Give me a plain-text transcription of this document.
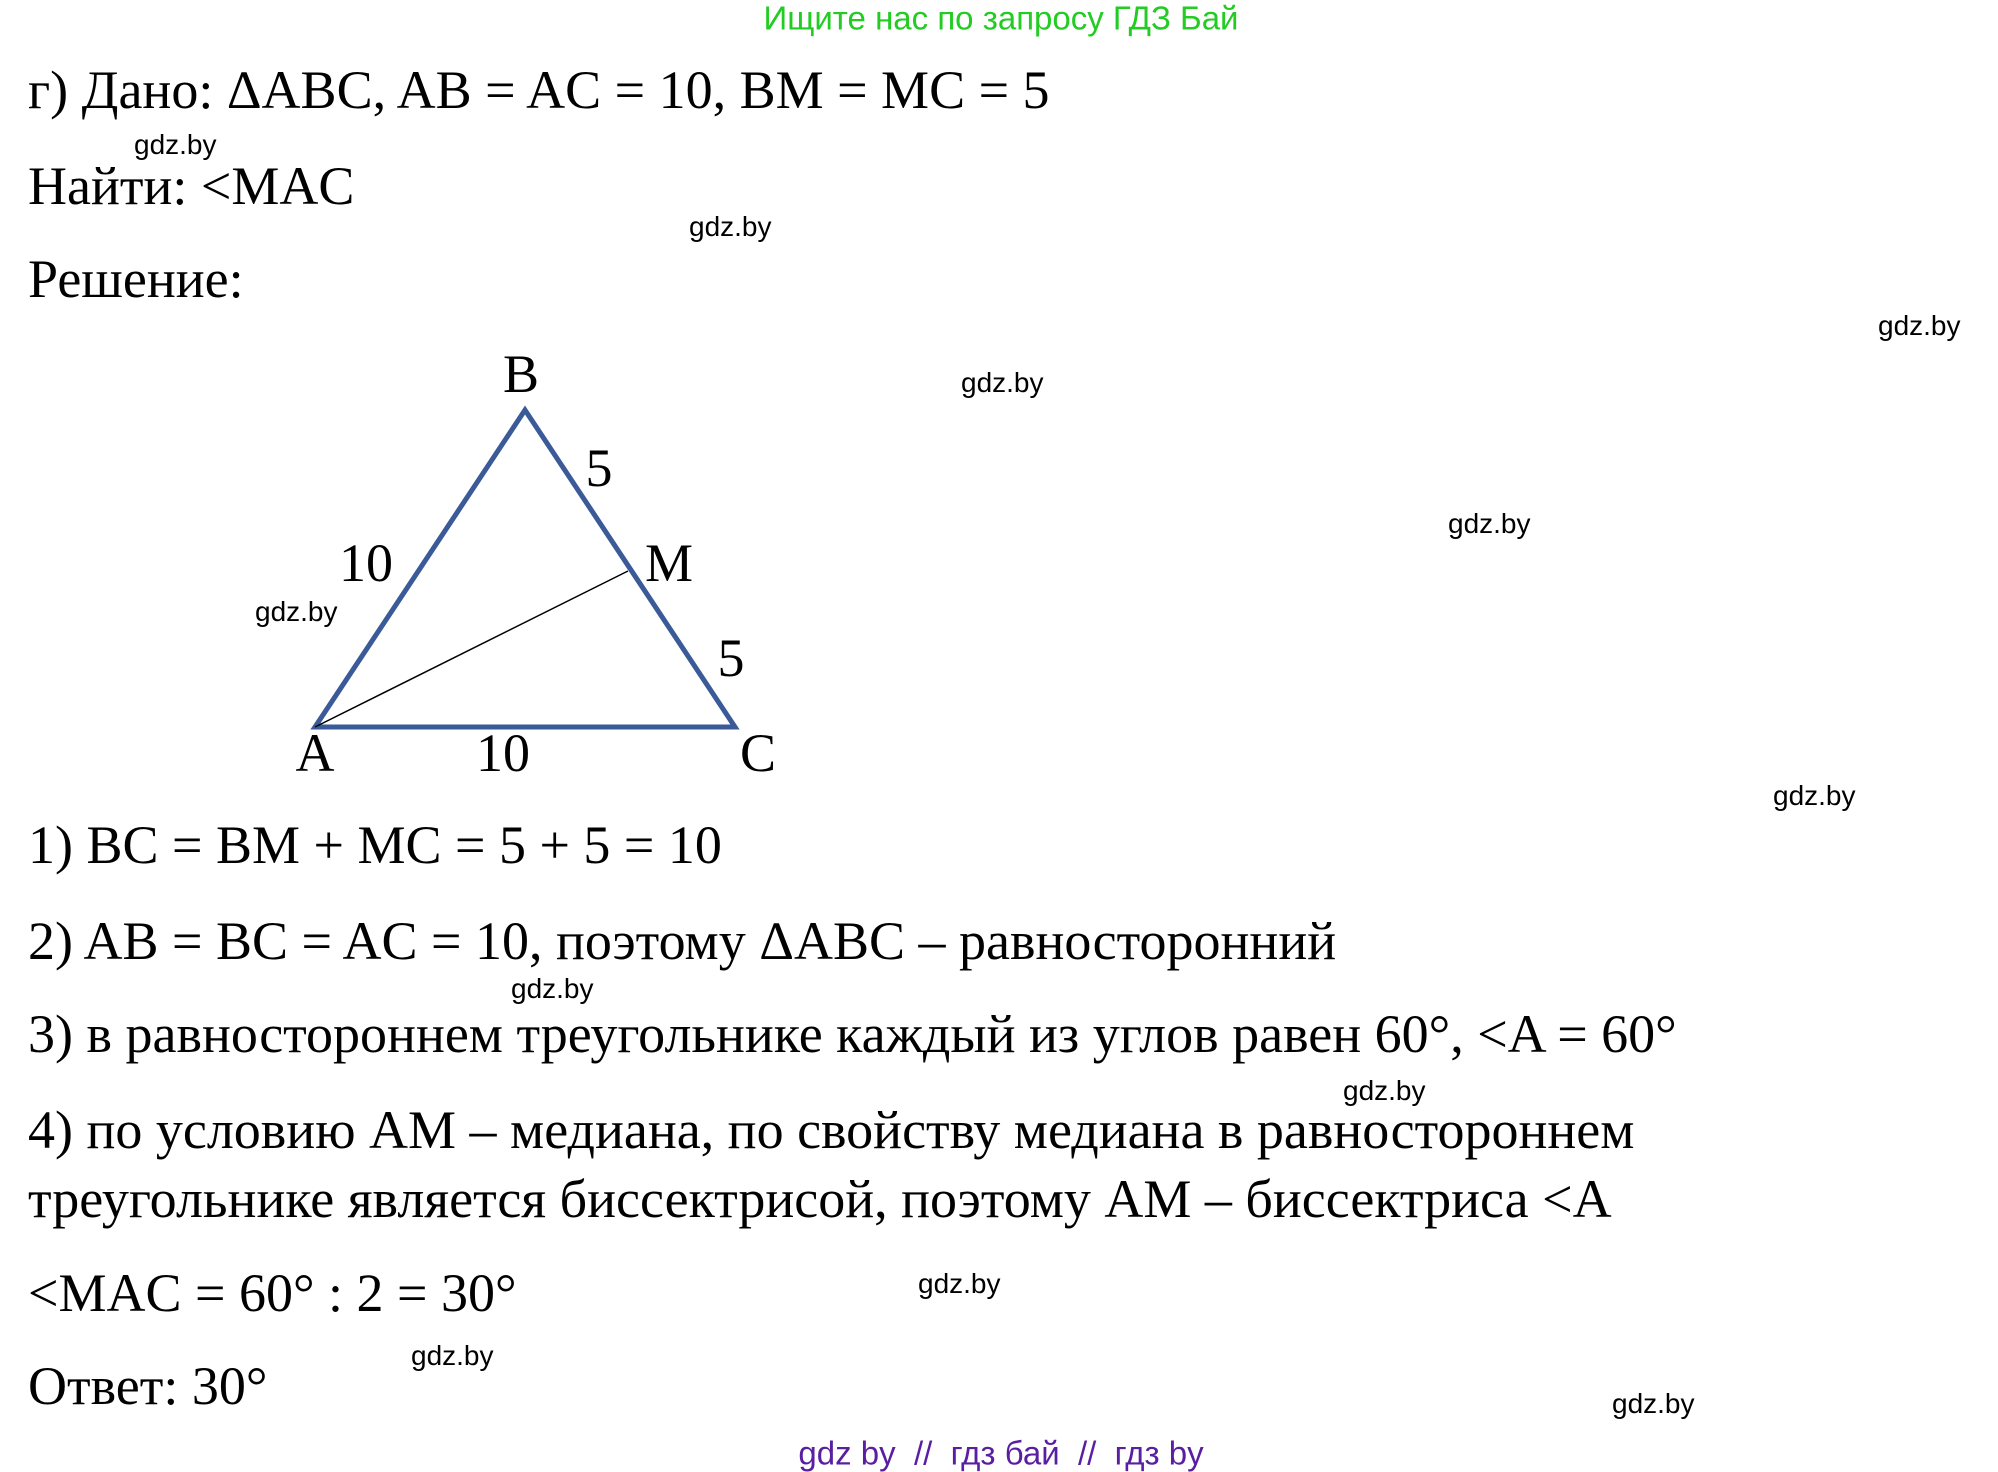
Ищите нас по запросу ГДЗ Бай
г) Дано: ΔABC, AB = AC = 10, BM = MC = 5
Найти: <MAC
Решение:
B
5
10	M
5
A	10	C
1) BC = BM + MC = 5 + 5 = 10
2) AB = BC = AC = 10, поэтому ΔABC – равносторонний
3) в равностороннем треугольнике каждый из углов равен 60°, <A = 60°
4) по условию AM – медиана, по свойству медиана в равностороннем
треугольнике является биссектрисой, поэтому AM – биссектриса <A
<MAC = 60° : 2 = 30°
Ответ: 30°
gdz.by
gdz.by
gdz.by
gdz.by
gdz.by
gdz.by
gdz.by
gdz.by
gdz.by
gdz.by
gdz.by
gdz.by
gdz by  //  гдз бай  //  гдз by
